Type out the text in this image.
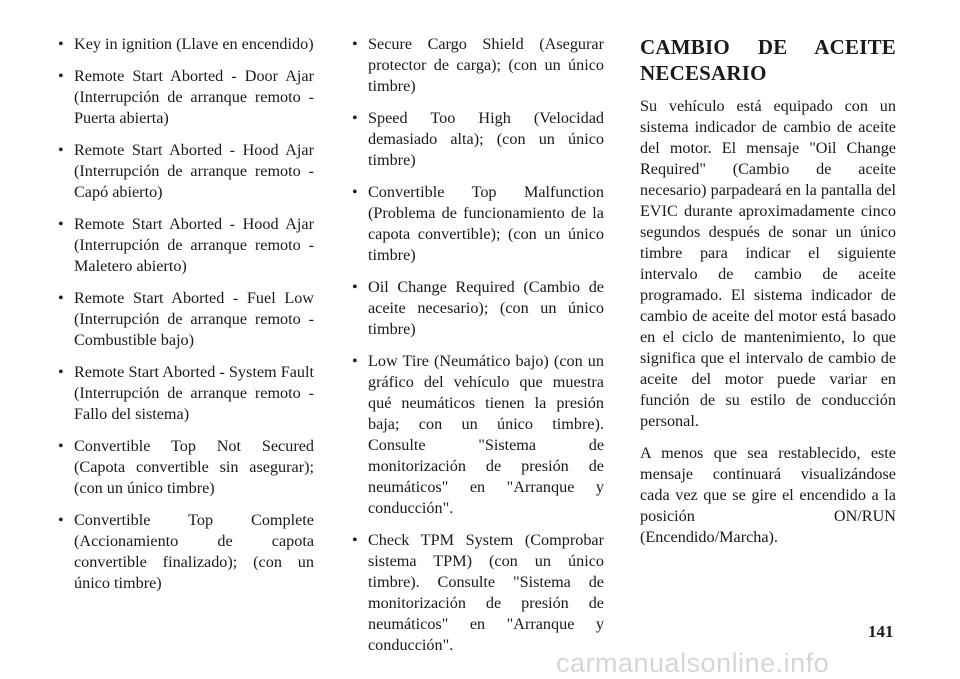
• Key in ignition (Llave en encendido)
• Remote Start Aborted - Door Ajar (Interrupción de arranque remoto - Puerta abierta)
• Remote Start Aborted - Hood Ajar (Interrupción de arranque remoto - Capó abierto)
• Remote Start Aborted - Hood Ajar (Interrupción de arranque remoto - Maletero abierto)
• Remote Start Aborted - Fuel Low (Interrupción de arranque remoto - Combustible bajo)
• Remote Start Aborted - System Fault (Interrupción de arranque remoto - Fallo del sistema)
• Convertible Top Not Secured (Capota convertible sin asegurar); (con un único timbre)
• Convertible Top Complete (Accionamiento de capota convertible finalizado); (con un único timbre)
• Secure Cargo Shield (Asegurar protector de carga); (con un único timbre)
• Speed Too High (Velocidad demasiado alta); (con un único timbre)
• Convertible Top Malfunction (Problema de funcionamiento de la capota convertible); (con un único timbre)
• Oil Change Required (Cambio de aceite necesario); (con un único timbre)
• Low Tire (Neumático bajo) (con un gráfico del vehículo que muestra qué neumáticos tienen la presión baja; con un único timbre). Consulte "Sistema de monitorización de presión de neumáticos" en "Arranque y conducción".
• Check TPM System (Comprobar sistema TPM) (con un único timbre). Consulte "Sistema de monitorización de presión de neumáticos" en "Arranque y conducción".
CAMBIO DE ACEITE NECESARIO

Su vehículo está equipado con un sistema indicador de cambio de aceite del motor. El mensaje "Oil Change Required" (Cambio de aceite necesario) parpadeará en la pantalla del EVIC durante aproximadamente cinco segundos después de sonar un único timbre para indicar el siguiente intervalo de cambio de aceite programado. El sistema indicador de cambio de aceite del motor está basado en el ciclo de mantenimiento, lo que significa que el intervalo de cambio de aceite del motor puede variar en función de su estilo de conducción personal.

A menos que sea restablecido, este mensaje continuará visualizándose cada vez que se gire el encendido a la posición ON/RUN (Encendido/Marcha).

141
carmanualsonline.info
